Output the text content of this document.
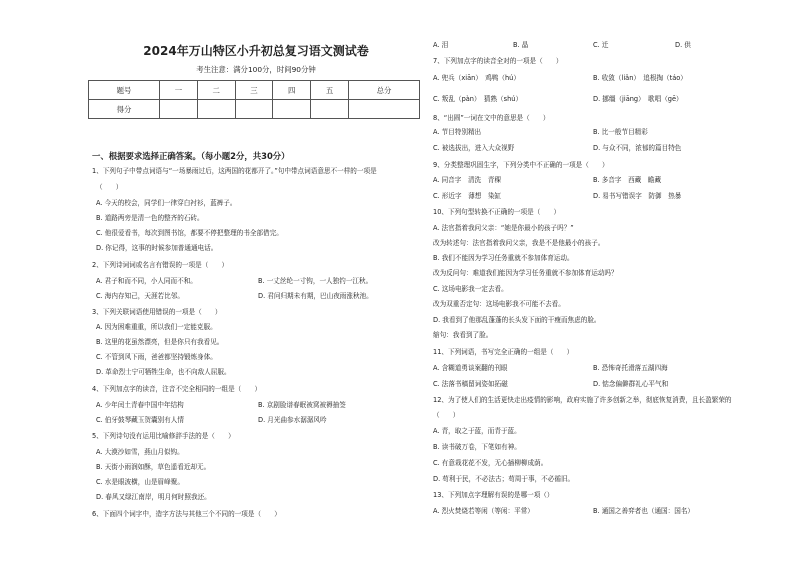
2024年万山特区小升初总复习语文测试卷
考生注意：满分100分，时间90分钟
题号	一	二	三	四	五	总分
得分						
一、根据要求选择正确答案。（每小题2分，共30分）
1、下列句子中带点词语与“一场暴雨过后，这两国的花都开了。”句中带点词语意思不一样的一项是
（　　）
A. 今天的校会，同学们一律穿白衬衫，蓝裤子。
B. 道路两旁是清一色的整齐的石砖。
C. 他很爱看书，每次到图书馆，都要不停把整理的书全部借完。
D. 你记得，这事的时候参加普通通电话。
2、下列诗词词或名言有错误的一项是（　　）
A. 君子和而不同，小人同而不和。	B. 一丈丝纶一寸钩，一人独钓一江秋。
C. 海内存知己，天涯若比邻。	D. 君问归期未有期，巴山夜雨涨秋池。
3、下列关联词语使用错误的一项是（　　）
A. 因为困难重重，所以我们一定能克服。
B. 这里的花虽然漂亮，但是你只有我看见。
C. 不管到风下雨，爸爸都坚持锻炼身体。
D. 革命烈士宁可牺牲生命，也不向敌人屈服。
4、下列加点字的读音，注音不完全相同的一组是（　　）
A. 少年闰土青春中国中年结构	B. 京剧脸谱春眠被窝被褥抽签
C. 伯牙鼓琴藏玉贺囊别有人情	D. 月光曲参水潺潺风吟
5、下列诗句没有运用比喻修辞手法的是（　　）
A. 大漠沙如雪，燕山月似钩。
B. 天街小雨润如酥，草色遥看近却无。
C. 水是眼波横，山是眉峰聚。
D. 春风又绿江南岸，明月何时照我还。
6、下面四个词字中，造字方法与其他三个不同的一项是（　　）
A. 泪	B. 晶	C. 迁	D. 供
7、下列加点字的读音全对的一项是（　　）
A. 兜兵（xiān）　鸡鸭（hú）	B. 收敛（liǎn）　追根掏（táo）
C. 叛乱（pàn）　猜熟（shú）	D. 挪缰（jiāng）　歌唱（gē）
8、“出圆”一词在文中的意思是（　　）
A. 节目特别精出	B. 比一般节目精彩
C. 被选拔出，进入大众视野	D. 与众不同，浓郁的篇目特色
9、分类整理巩固生字，下列分类中不正确的一项是（　　）
A. 同音字　清洗　青稞	B. 多音字　西藏　瞻藏
C. 形近字　薄想　染缸	D. 易书写错误字　防御　热暴
10、下列句型转换不正确的一项是（　　）
A. 法官指着我问父亲：“她是你最小的孩子吗？”
改为转述句：法官指着我问父亲，我是不是他最小的孩子。
B. 我们不能因为学习任务重就不参加体育运动。
改为反问句：难道我们能因为学习任务重就不参加体育运动吗？
C. 这场电影我一定去看。
改为双重否定句：这场电影我不可能不去看。
D. 我看到了他那乱蓬蓬的长头发下面的干瘦而焦虑的脸。
缩句：我看到了脸。
11、下列词语，书写完全正确的一组是（　　）
A. 含糊道勇谈案翻的刊眼	B. 恐怖奇托滑落五湖四海
C. 法落书稿留词姿如拓磁	D. 惦念偏僻群礼心平气和
12、为了使人们的生活更快走出疫情的影响，政府实施了许多创新之举，彻底恢复消费，且长盈繁荣的
（　　）
A. 青，取之于蓝，而青于蓝。
B. 读书破万卷，下笔如有神。
C. 有意栽花花不发，无心插柳柳成荫。
D. 苟利于民，不必法古；苟周于事，不必循旧。
13、下列加点字理解有误的是哪一项（）
A. 烈火焚烧若等闲（等闲：平常）	B. 通国之善弈者也（通国：国名）
